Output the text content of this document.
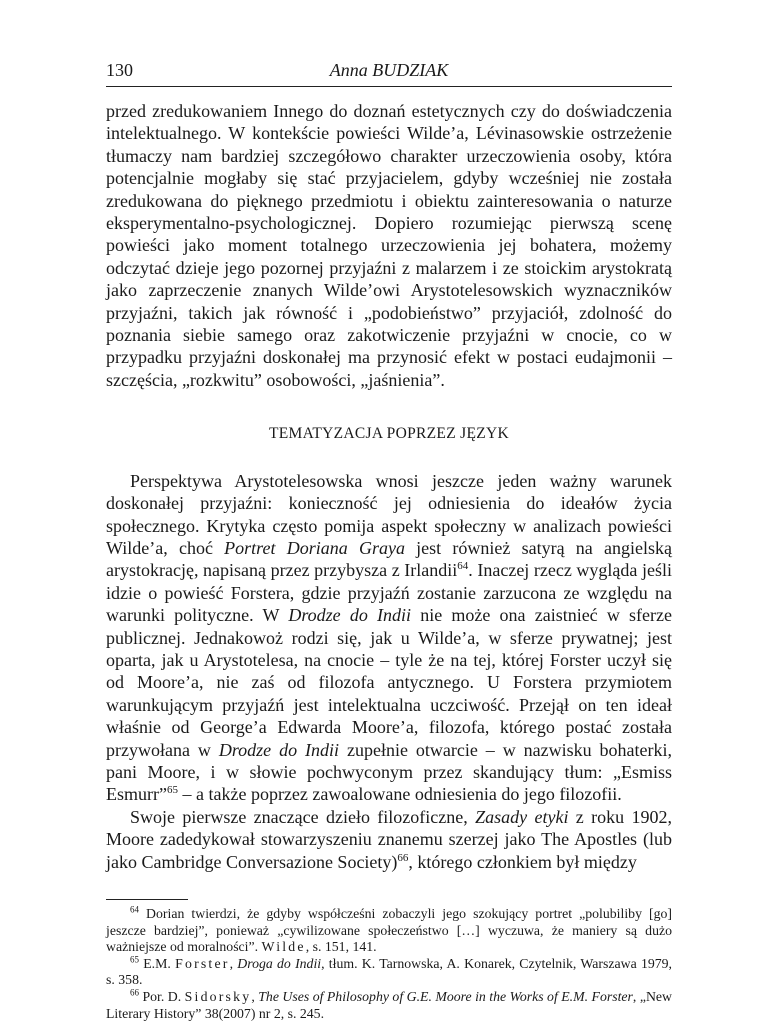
130	Anna BUDZIAK

przed zredukowaniem Innego do doznań estetycznych czy do doświadczenia intelektualnego. W kontekście powieści Wilde’a, Lévinasowskie ostrzeżenie tłumaczy nam bardziej szczegółowo charakter urzeczowienia osoby, która potencjalnie mogłaby się stać przyjacielem, gdyby wcześniej nie została zredukowana do pięknego przedmiotu i obiektu zainteresowania o naturze eksperymentalno-psychologicznej. Dopiero rozumiejąc pierwszą scenę powieści jako moment totalnego urzeczowienia jej bohatera, możemy odczytać dzieje jego pozornej przyjaźni z malarzem i ze stoickim arystokratą jako zaprzeczenie znanych Wilde’owi Arystotelesowskich wyznaczników przyjaźni, takich jak równość i „podobieństwo” przyjaciół, zdolność do poznania siebie samego oraz zakotwiczenie przyjaźni w cnocie, co w przypadku przyjaźni doskonałej ma przynosić efekt w postaci eudajmonii – szczęścia, „rozkwitu” osobowości, „jaśnienia”.

TEMATYZACJA POPRZEZ JĘZYK

Perspektywa Arystotelesowska wnosi jeszcze jeden ważny warunek doskonałej przyjaźni: konieczność jej odniesienia do ideałów życia społecznego. Krytyka często pomija aspekt społeczny w analizach powieści Wilde’a, choć Portret Doriana Graya jest również satyrą na angielską arystokrację, napisaną przez przybysza z Irlandii$^{64}$. Inaczej rzecz wygląda jeśli idzie o powieść Forstera, gdzie przyjaźń zostanie zarzucona ze względu na warunki polityczne. W Drodze do Indii nie może ona zaistnieć w sferze publicznej. Jednakowoż rodzi się, jak u Wilde’a, w sferze prywatnej; jest oparta, jak u Arystotelesa, na cnocie – tyle że na tej, której Forster uczył się od Moore’a, nie zaś od filozofa antycznego. U Forstera przymiotem warunkującym przyjaźń jest intelektualna uczciwość. Przejął on ten ideał właśnie od George’a Edwarda Moore’a, filozofa, którego postać została przywołana w Drodze do Indii zupełnie otwarcie – w nazwisku bohaterki, pani Moore, i w słowie pochwyconym przez skandujący tłum: „Esmiss Esmurr”$^{65}$ – a także poprzez zawoalowane odniesienia do jego filozofii.

Swoje pierwsze znaczące dzieło filozoficzne, Zasady etyki z roku 1902, Moore zadedykował stowarzyszeniu znanemu szerzej jako The Apostles (lub jako Cambridge Conversazione Society)$^{66}$, którego członkiem był między

$^{64}$ Dorian twierdzi, że gdyby współcześni zobaczyli jego szokujący portret „polubiliby [go] jeszcze bardziej”, ponieważ „cywilizowane społeczeństwo […] wyczuwa, że maniery są dużo ważniejsze od moralności”. Wilde, s. 151, 141.

$^{65}$ E.M. Forster, Droga do Indii, tłum. K. Tarnowska, A. Konarek, Czytelnik, Warszawa 1979, s. 358.

$^{66}$ Por. D. Sidorsky, The Uses of Philosophy of G.E. Moore in the Works of E.M. Forster, „New Literary History” 38(2007) nr 2, s. 245.
